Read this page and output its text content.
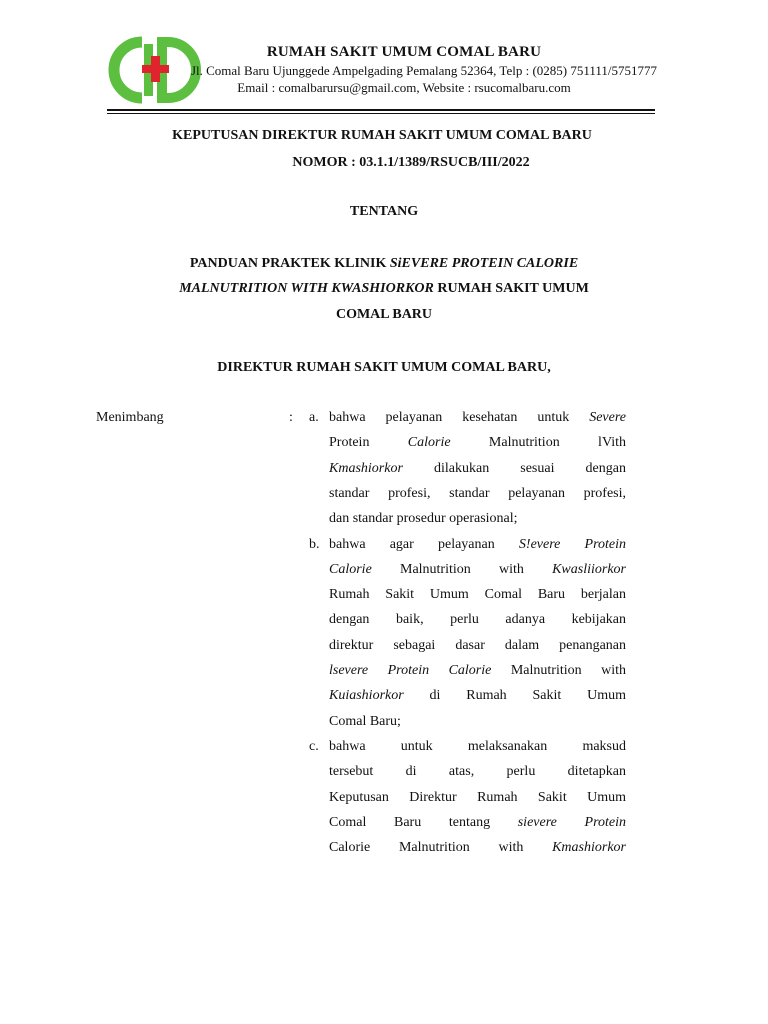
RUMAH SAKIT UMUM COMAL BARU
Jl. Comal Baru Ujunggede Ampelgading Pemalang 52364, Telp : (0285) 751111/5751777
Email : comalbarursu@gmail.com, Website : rsucomalbaru.com
KEPUTUSAN DIREKTUR RUMAH SAKIT UMUM COMAL BARU
NOMOR : 03.1.1/1389/RSUCB/III/2022
TENTANG
PANDUAN PRAKTEK KLINIK SiEVERE PROTEIN CALORIE
MALNUTRITION WITH KWASHIORKOR RUMAH SAKIT UMUM
COMAL BARU
DIREKTUR RUMAH SAKIT UMUM COMAL BARU,
Menimbang	: a. bahwa pelayanan kesehatan untuk Severe
Protein Calorie Malnutrition lVith
Kmashiorkor dilakukan sesuai dengan
standar profesi, standar pelayanan profesi,
dan standar prosedur operasional;
b. bahwa agar pelayanan S!evere Protein
Calorie Malnutrition with Kwasliiorkor
Rumah Sakit Umum Comal Baru berjalan
dengan baik, perlu adanya kebijakan
direktur sebagai dasar dalam penanganan
lsevere Protein Calorie Malnutrition with
Kuiashiorkor di Rumah Sakit Umum
Comal Baru;
c. bahwa untuk melaksanakan maksud
tersebut di atas, perlu ditetapkan
Keputusan Direktur Rumah Sakit Umum
Comal Baru tentang sievere Protein
Calorie Malnutrition with Kmashiorkor
